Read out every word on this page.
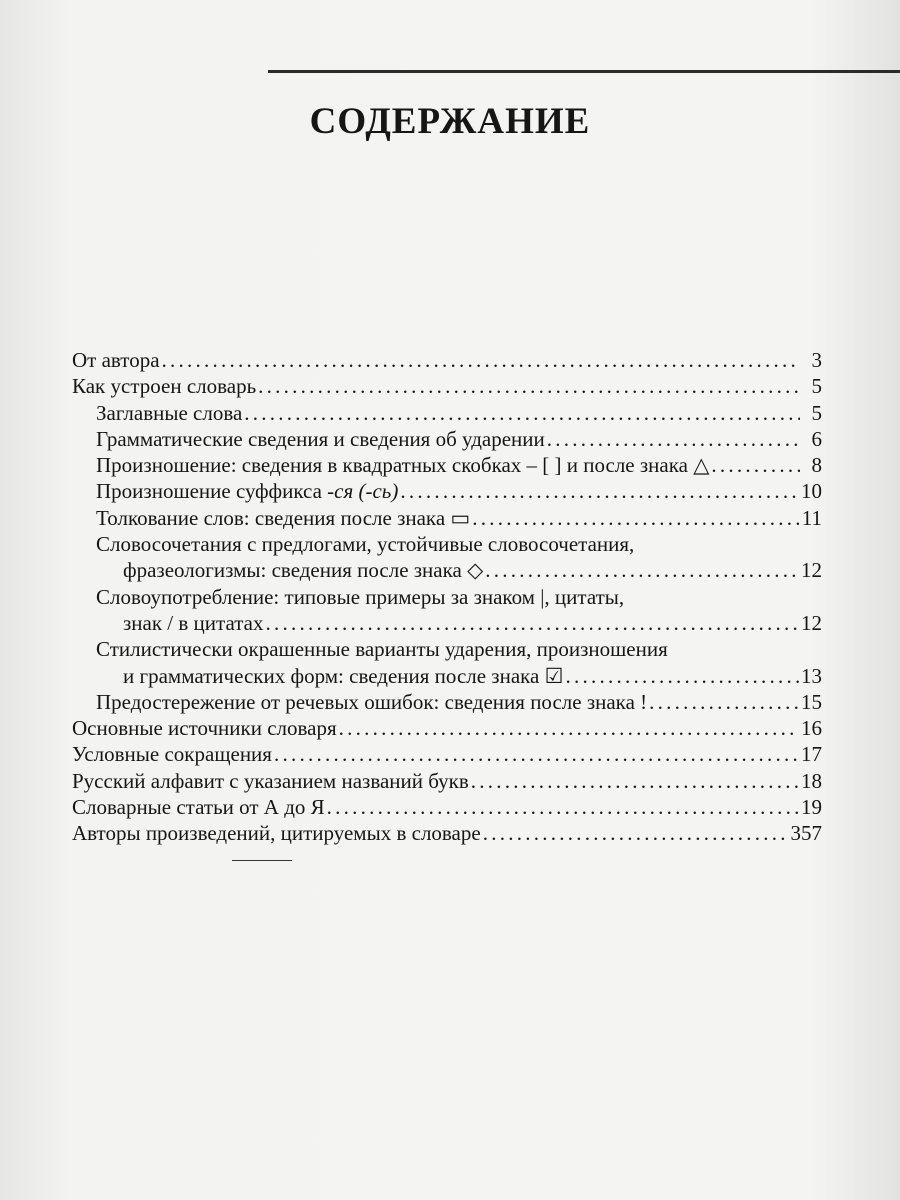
СОДЕРЖАНИЕ
От автора . . .	3
Как устроен словарь . . .	5
Заглавные слова . . .	5
Грамматические сведения и сведения об ударении . . .	6
Произношение: сведения в квадратных скобках – [ ] и после знака △ . . .	8
Произношение суффикса -ся (-сь) . . .	10
Толкование слов: сведения после знака ▭ . . .	11
Словосочетания с предлогами, устойчивые словосочетания,
фразеологизмы: сведения после знака ◇ . . .	12
Словоупотребление: типовые примеры за знаком |, цитаты,
знак / в цитатах . . .	12
Стилистически окрашенные варианты ударения, произношения
и грамматических форм: сведения после знака ☑ . . .	13
Предостережение от речевых ошибок: сведения после знака ! . . .	15
Основные источники словаря . . .	16
Условные сокращения . . .	17
Русский алфавит с указанием названий букв . . .	18
Словарные статьи от А до Я . . .	19
Авторы произведений, цитируемых в словаре . . .	357
